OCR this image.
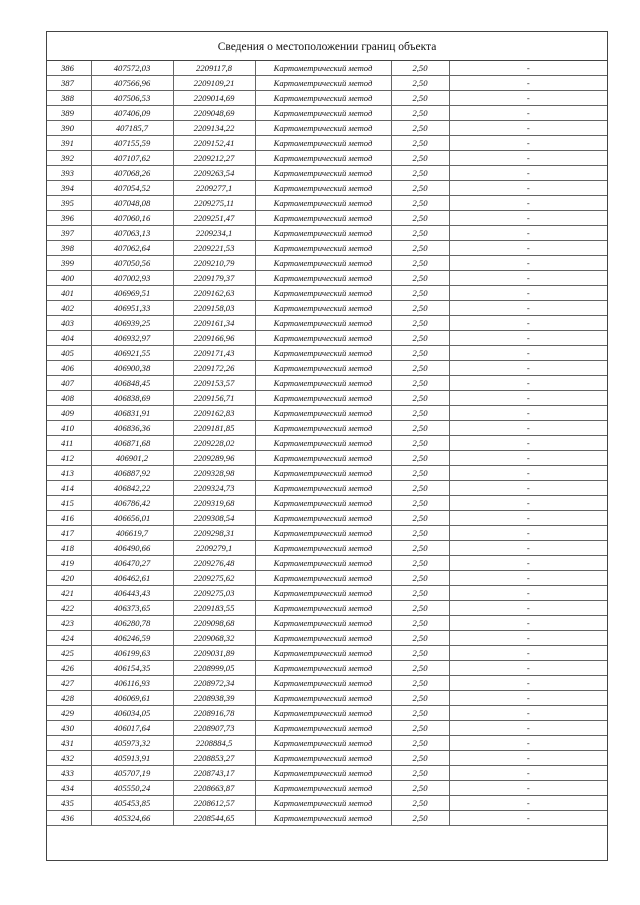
Сведения о местоположении границ объекта
386	407572,03	2209117,8	Картометрический метод	2,50	-
387	407566,96	2209109,21	Картометрический метод	2,50	-
388	407506,53	2209014,69	Картометрический метод	2,50	-
389	407406,09	2209048,69	Картометрический метод	2,50	-
390	407185,7	2209134,22	Картометрический метод	2,50	-
391	407155,59	2209152,41	Картометрический метод	2,50	-
392	407107,62	2209212,27	Картометрический метод	2,50	-
393	407068,26	2209263,54	Картометрический метод	2,50	-
394	407054,52	2209277,1	Картометрический метод	2,50	-
395	407048,08	2209275,11	Картометрический метод	2,50	-
396	407060,16	2209251,47	Картометрический метод	2,50	-
397	407063,13	2209234,1	Картометрический метод	2,50	-
398	407062,64	2209221,53	Картометрический метод	2,50	-
399	407050,56	2209210,79	Картометрический метод	2,50	-
400	407002,93	2209179,37	Картометрический метод	2,50	-
401	406969,51	2209162,63	Картометрический метод	2,50	-
402	406951,33	2209158,03	Картометрический метод	2,50	-
403	406939,25	2209161,34	Картометрический метод	2,50	-
404	406932,97	2209166,96	Картометрический метод	2,50	-
405	406921,55	2209171,43	Картометрический метод	2,50	-
406	406900,38	2209172,26	Картометрический метод	2,50	-
407	406848,45	2209153,57	Картометрический метод	2,50	-
408	406838,69	2209156,71	Картометрический метод	2,50	-
409	406831,91	2209162,83	Картометрический метод	2,50	-
410	406836,36	2209181,85	Картометрический метод	2,50	-
411	406871,68	2209228,02	Картометрический метод	2,50	-
412	406901,2	2209289,96	Картометрический метод	2,50	-
413	406887,92	2209328,98	Картометрический метод	2,50	-
414	406842,22	2209324,73	Картометрический метод	2,50	-
415	406786,42	2209319,68	Картометрический метод	2,50	-
416	406656,01	2209308,54	Картометрический метод	2,50	-
417	406619,7	2209298,31	Картометрический метод	2,50	-
418	406490,66	2209279,1	Картометрический метод	2,50	-
419	406470,27	2209276,48	Картометрический метод	2,50	-
420	406462,61	2209275,62	Картометрический метод	2,50	-
421	406443,43	2209275,03	Картометрический метод	2,50	-
422	406373,65	2209183,55	Картометрический метод	2,50	-
423	406280,78	2209098,68	Картометрический метод	2,50	-
424	406246,59	2209068,32	Картометрический метод	2,50	-
425	406199,63	2209031,89	Картометрический метод	2,50	-
426	406154,35	2208999,05	Картометрический метод	2,50	-
427	406116,93	2208972,34	Картометрический метод	2,50	-
428	406069,61	2208938,39	Картометрический метод	2,50	-
429	406034,05	2208916,78	Картометрический метод	2,50	-
430	406017,64	2208907,73	Картометрический метод	2,50	-
431	405973,32	2208884,5	Картометрический метод	2,50	-
432	405913,91	2208853,27	Картометрический метод	2,50	-
433	405707,19	2208743,17	Картометрический метод	2,50	-
434	405550,24	2208663,87	Картометрический метод	2,50	-
435	405453,85	2208612,57	Картометрический метод	2,50	-
436	405324,66	2208544,65	Картометрический метод	2,50	-
